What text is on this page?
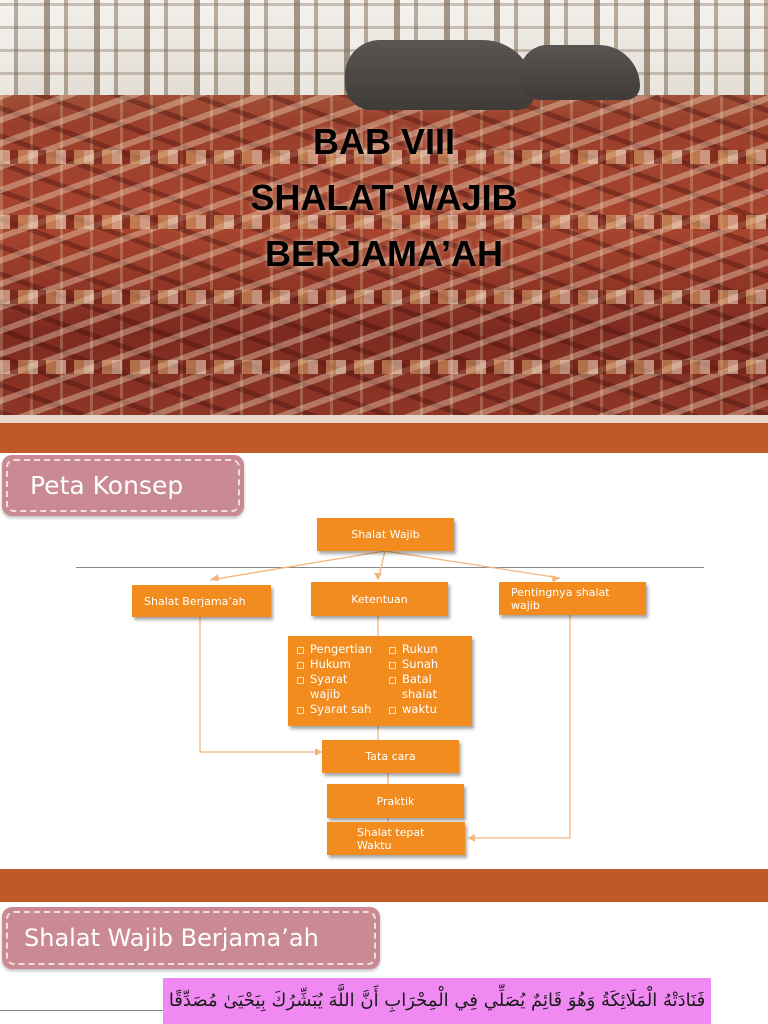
BAB VIII
SHALAT WAJIB
BERJAMA’AH
Peta Konsep
Shalat Wajib
Shalat Berjama’ah	Ketentuan
Pentingnya shalat wajib
Pengertian
Hukum
Syarat wajib
Syarat sah
Rukun
Sunah
Batal shalat
waktu
Tata cara
Praktik
Shalat tepat Waktu
Shalat Wajib Berjama’ah
فَنَادَتْهُ الْمَلَائِكَةُ وَهُوَ قَائِمٌ يُصَلِّي فِي الْمِحْرَابِ أَنَّ اللَّهَ يُبَشِّرُكَ بِيَحْيَىٰ مُصَدِّقًا
